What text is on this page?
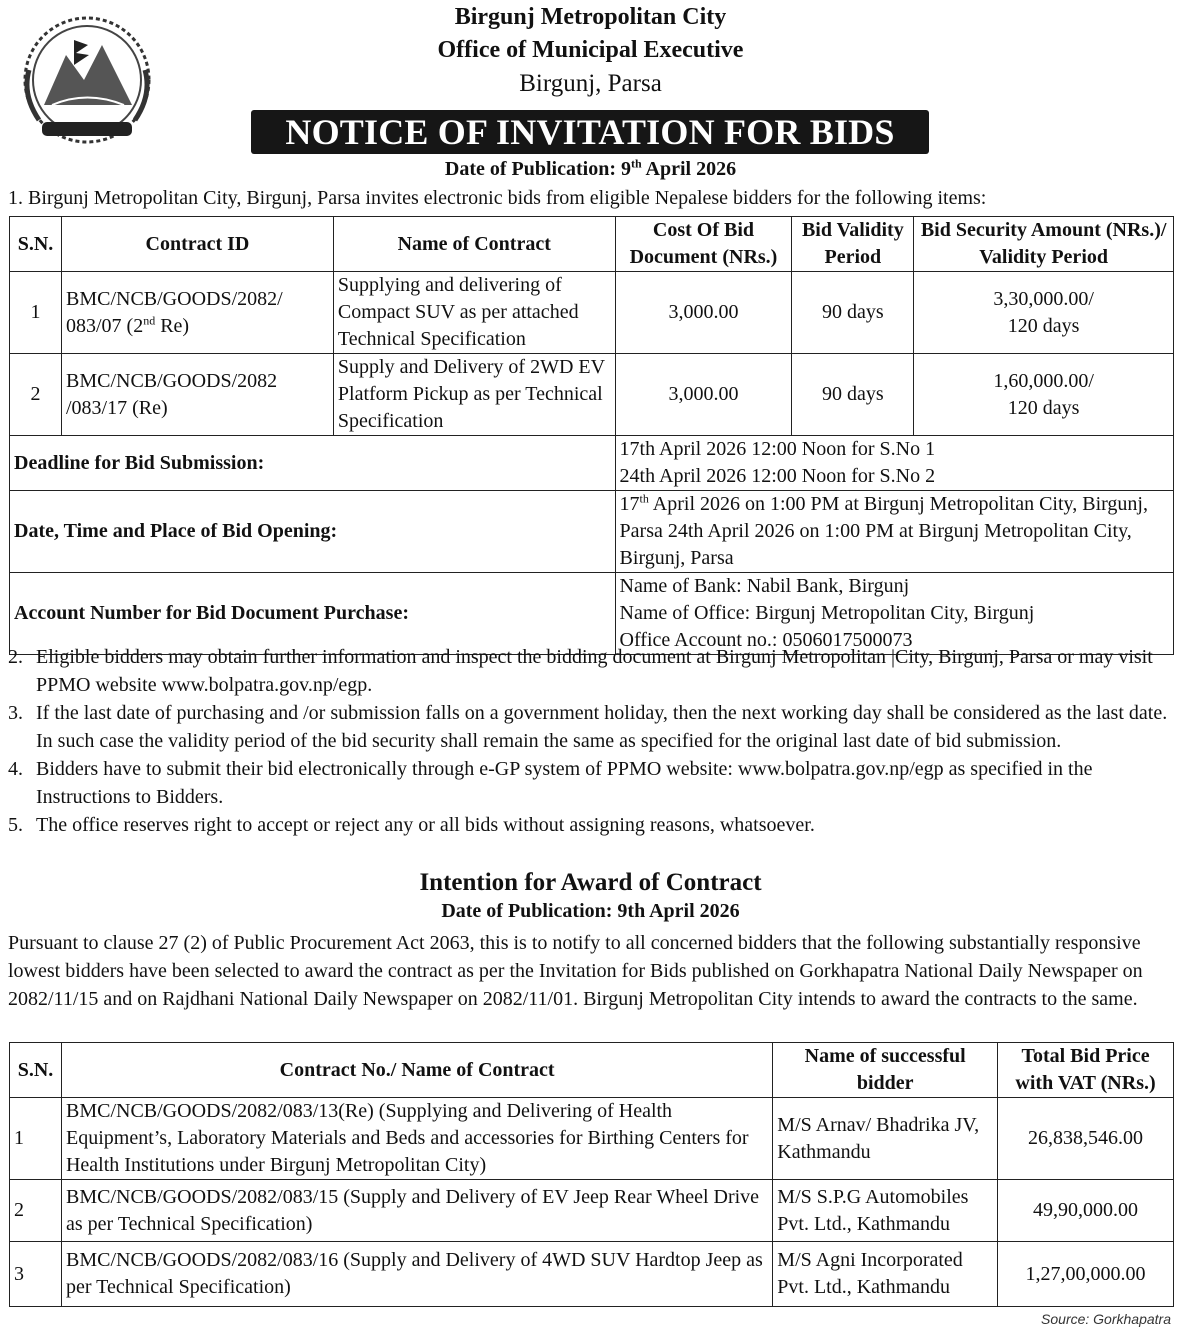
Birgunj Metropolitan City
Office of Municipal Executive
Birgunj, Parsa
NOTICE OF INVITATION FOR BIDS
Date of Publication: 9th April 2026

1. Birgunj Metropolitan City, Birgunj, Parsa invites electronic bids from eligible Nepalese bidders for the following items:

S.N.	Contract ID	Name of Contract	Cost Of Bid Document (NRs.)	Bid Validity Period	Bid Security Amount (NRs.)/ Validity Period
1	BMC/NCB/GOODS/2082/
083/07 (2nd Re)	Supplying and delivering of Compact SUV as per attached Technical Specification	3,000.00	90 days	3,30,000.00/
120 days
2	BMC/NCB/GOODS/2082
/083/17 (Re)	Supply and Delivery of 2WD EV Platform Pickup as per Technical Specification	3,000.00	90 days	1,60,000.00/
120 days
Deadline for Bid Submission:			17th April 2026 12:00 Noon for S.No 1
24th April 2026 12:00 Noon for S.No 2		
Date, Time and Place of Bid Opening:			17th April 2026 on 1:00 PM at Birgunj Metropolitan City, Birgunj, Parsa 24th April 2026 on 1:00 PM at Birgunj Metropolitan City, Birgunj, Parsa		
Account Number for Bid Document Purchase:			Name of Bank: Nabil Bank, Birgunj
Name of Office: Birgunj Metropolitan City, Birgunj
Office Account no.: 0506017500073		
2. Eligible bidders may obtain further information and inspect the bidding document at Birgunj Metropolitan |City, Birgunj, Parsa or may visit PPMO website www.bolpatra.gov.np/egp.
3. If the last date of purchasing and /or submission falls on a government holiday, then the next working day shall be considered as the last date. In such case the validity period of the bid security shall remain the same as specified for the original last date of bid submission.
4. Bidders have to submit their bid electronically through e-GP system of PPMO website: www.bolpatra.gov.np/egp as specified in the Instructions to Bidders.
5. The office reserves right to accept or reject any or all bids without assigning reasons, whatsoever.
Intention for Award of Contract
Date of Publication: 9th April 2026

Pursuant to clause 27 (2) of Public Procurement Act 2063, this is to notify to all concerned bidders that the following substantially responsive lowest bidders have been selected to award the contract as per the Invitation for Bids published on Gorkhapatra National Daily Newspaper on 2082/11/15 and on Rajdhani National Daily Newspaper on 2082/11/01. Birgunj Metropolitan City intends to award the contracts to the same.

S.N.	Contract No./ Name of Contract	Name of successful bidder	Total Bid Price with VAT (NRs.)
1	BMC/NCB/GOODS/2082/083/13(Re) (Supplying and Delivering of Health Equipment’s, Laboratory Materials and Beds and accessories for Birthing Centers for Health Institutions under Birgunj Metropolitan City)	M/S Arnav/ Bhadrika JV, Kathmandu	26,838,546.00
2	BMC/NCB/GOODS/2082/083/15 (Supply and Delivery of EV Jeep Rear Wheel Drive as per Technical Specification)	M/S S.P.G Automobiles Pvt. Ltd., Kathmandu	49,90,000.00
3	BMC/NCB/GOODS/2082/083/16 (Supply and Delivery of 4WD SUV Hardtop Jeep as per Technical Specification)	M/S Agni Incorporated Pvt. Ltd., Kathmandu	1,27,00,000.00
Source: Gorkhapatra
